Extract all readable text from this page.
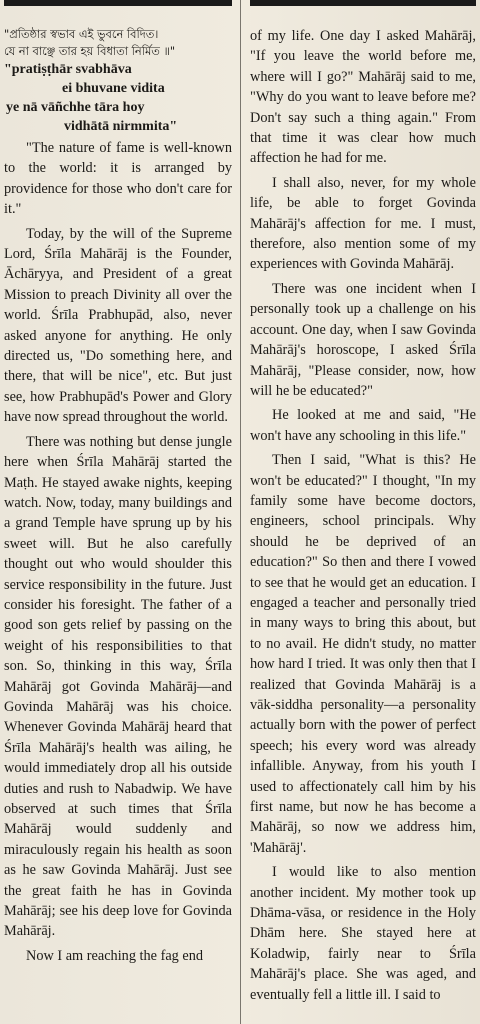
"প্রতিষ্ঠার স্বভাব এই ভুবনে বিদিত।
যে না বাঞ্ছে তার হয় বিধাতা নির্মিত ॥"
"pratiṣṭhār svabhāva
ei bhuvane vidita
ye nā vāñchhe tāra hoy
vidhātā nirmmita"

"The nature of fame is well-known to the world: it is arranged by providence for those who don't care for it."

Today, by the will of the Supreme Lord, Śrīla Mahārāj is the Founder, Āchāryya, and President of a great Mission to preach Divinity all over the world. Śrīla Prabhupād, also, never asked anyone for anything. He only directed us, "Do something here, and there, that will be nice", etc. But just see, how Prabhupād's Power and Glory have now spread throughout the world.

There was nothing but dense jungle here when Śrīla Mahārāj started the Maṭh. He stayed awake nights, keeping watch. Now, today, many buildings and a grand Temple have sprung up by his sweet will. But he also carefully thought out who would shoulder this service responsibility in the future. Just consider his foresight. The father of a good son gets relief by passing on the weight of his responsibilities to that son. So, thinking in this way, Śrīla Mahārāj got Govinda Mahārāj—and Govinda Mahārāj was his choice. Whenever Govinda Mahārāj heard that Śrīla Mahārāj's health was ailing, he would immediately drop all his outside duties and rush to Nabadwip. We have observed at such times that Śrīla Mahārāj would suddenly and miraculously regain his health as soon as he saw Govinda Mahārāj. Just see the great faith he has in Govinda Mahārāj; see his deep love for Govinda Mahārāj.

Now I am reaching the fag end

of my life. One day I asked Mahārāj, "If you leave the world before me, where will I go?" Mahārāj said to me, "Why do you want to leave before me? Don't say such a thing again." From that time it was clear how much affection he had for me.

I shall also, never, for my whole life, be able to forget Govinda Mahārāj's affection for me. I must, therefore, also mention some of my experiences with Govinda Mahārāj.

There was one incident when I personally took up a challenge on his account. One day, when I saw Govinda Mahārāj's horoscope, I asked Śrīla Mahārāj, "Please consider, now, how will he be educated?"

He looked at me and said, "He won't have any schooling in this life."

Then I said, "What is this? He won't be educated?" I thought, "In my family some have become doctors, engineers, school principals. Why should he be deprived of an education?" So then and there I vowed to see that he would get an education. I engaged a teacher and personally tried in many ways to bring this about, but to no avail. He didn't study, no matter how hard I tried. It was only then that I realized that Govinda Mahārāj is a vāk-siddha personality—a personality actually born with the power of perfect speech; his every word was already infallible. Anyway, from his youth I used to affectionately call him by his first name, but now he has become a Mahārāj, so now we address him, 'Mahārāj'.

I would like to also mention another incident. My mother took up Dhāma-vāsa, or residence in the Holy Dhām here. She stayed here at Koladwip, fairly near to Śrīla Mahārāj's place. She was aged, and eventually fell a little ill. I said to
